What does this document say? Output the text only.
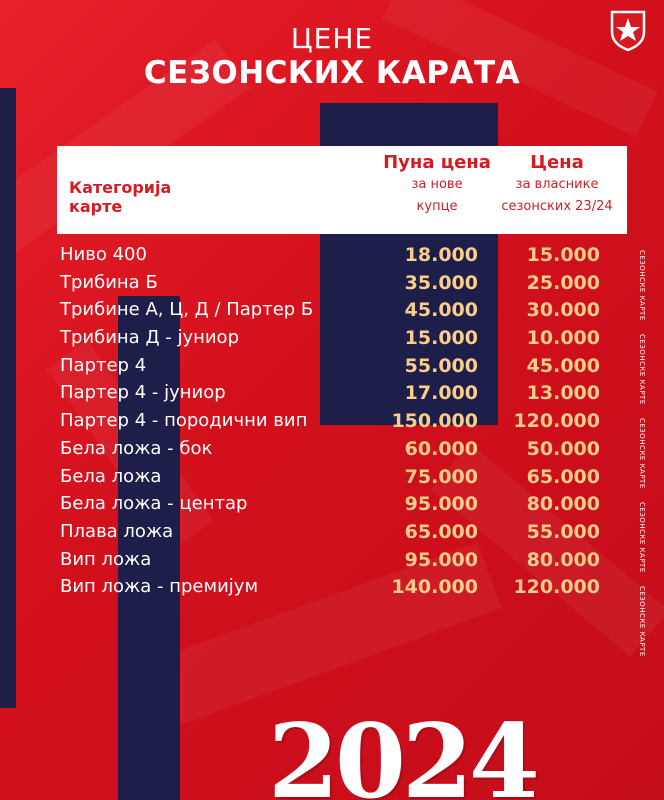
ЦЕНЕ
СЕЗОНСКИХ КАРАТА
Категорија карте
Пуна цена
за нове
купце
Цена
за власнике
сезонских 23/24
Ниво 400	18.000	15.000
Трибина Б	35.000	25.000
Трибине А, Ц, Д / Партер Б	45.000	30.000
Трибина Д - јуниор	15.000	10.000
Партер 4	55.000	45.000
Партер 4 - јуниор	17.000	13.000
Партер 4 - породични вип	150.000 120.000
Бела ложа - бок	60.000	50.000
Бела ложа	75.000	65.000
Бела ложа - центар	95.000	80.000
Плава ложа	65.000	55.000
Вип ложа	95.000	80.000
Вип ложа - премијум	140.000 120.000
СЕЗОНСКЕ КАРТЕ
СЕЗОНСКЕ КАРТЕ
СЕЗОНСКЕ КАРТЕ
СЕЗОНСКЕ КАРТЕ
СЕЗОНСКЕ КАРТЕ
2024
